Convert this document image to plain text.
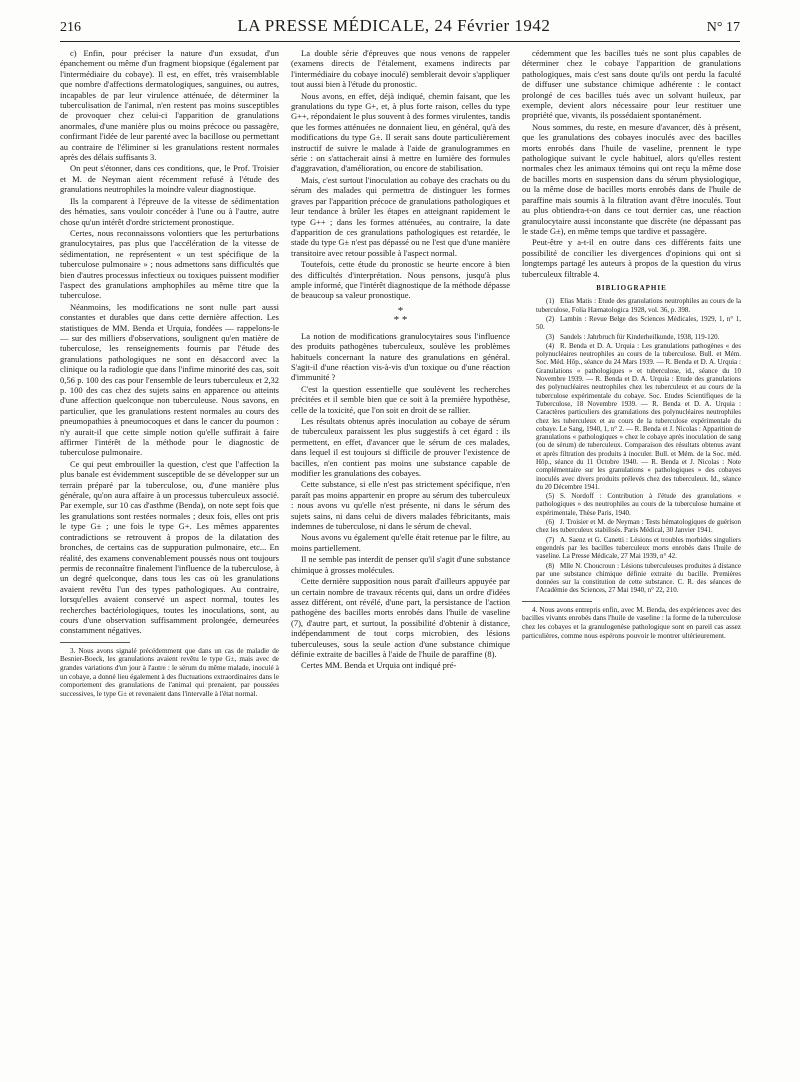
216	LA PRESSE MÉDICALE, 24 Février 1942	N° 17

c) Enfin, pour préciser la nature d'un exsudat, d'un épanchement ou même d'un fragment biopsique (également par l'intermédiaire du cobaye). Il est, en effet, très vraisemblable que nombre d'affections dermatologiques, sanguines, ou autres, incapables de par leur virulence atténuée, de déterminer la tuberculisation de l'animal, n'en restent pas moins susceptibles de provoquer chez celui-ci l'apparition de granulations anormales, d'une manière plus ou moins précoce ou passagère, confirmant l'idée de leur parenté avec la bacillose ou permettant au contraire de l'éliminer si les granulations restent normales après des délais suffisants 3.

On peut s'étonner, dans ces conditions, que, le Prof. Troisier et M. de Neyman aient récemment refusé à l'étude des granulations neutrophiles la moindre valeur diagnostique.

Ils la comparent à l'épreuve de la vitesse de sédimentation des hématies, sans vouloir concéder à l'une ou à l'autre, autre chose qu'un intérêt d'ordre strictement pronostique.

Certes, nous reconnaissons volontiers que les perturbations granulocytaires, pas plus que l'accélération de la vitesse de sédimentation, ne représentent « un test spécifique de la tuberculose pulmonaire » ; nous admettons sans difficultés que bien d'autres processus infectieux ou toxiques puissent modifier l'aspect des granulations amphophiles au même titre que la tuberculose.

Néanmoins, les modifications ne sont nulle part aussi constantes et durables que dans cette dernière affection. Les statistiques de MM. Benda et Urquia, fondées — rappelons-le — sur des milliers d'observations, soulignent qu'en matière de tuberculose, les renseignements fournis par l'étude des granulations pathologiques ne sont en désaccord avec la clinique ou la radiologie que dans l'infime minorité des cas, soit 0,56 p. 100 des cas pour l'ensemble de leurs tuberculeux et 2,32 p. 100 des cas chez des sujets sains en apparence ou atteints d'une affection quelconque non tuberculeuse. Nous savons, en particulier, que les granulations restent normales au cours des pneumopathies à pneumocoques et dans le cancer du poumon : n'y aurait-il que cette simple notion qu'elle suffirait à faire affirmer l'intérêt de la méthode pour le diagnostic de tuberculose pulmonaire.

Ce qui peut embrouiller la question, c'est que l'affection la plus banale est évidemment susceptible de se développer sur un terrain préparé par la tuberculose, ou, d'une manière plus générale, qu'on aura affaire à un processus tuberculeux associé. Par exemple, sur 10 cas d'asthme (Benda), on note sept fois que les granulations sont restées normales ; deux fois, elles ont pris le type G± ; une fois le type G+. Les mêmes apparentes contradictions se retrouvent à propos de la dilatation des bronches, de certains cas de suppuration pulmonaire, etc... En réalité, des examens convenablement poussés nous ont toujours permis de reconnaître finalement l'influence de la tuberculose, à un degré quelconque, dans tous les cas où les granulations avaient revêtu l'un des types pathologiques. Au contraire, lorsqu'elles avaient conservé un aspect normal, toutes les recherches bactériologiques, toutes les inoculations, sont, au cours d'une observation suffisamment prolongée, demeurées constamment négatives.

3. Nous avons signalé précédemment que dans un cas de maladie de Besnier-Boeck, les granulations avaient revêtu le type G±, mais avec de grandes variations d'un jour à l'autre : le sérum du même malade, inoculé à un cobaye, a donné lieu également à des fluctuations extraordinaires dans le comportement des granulations de l'animal qui prenaient, par poussées successives, le type G± et revenaient dans l'intervalle à l'état normal.

La double série d'épreuves que nous venons de rappeler (examens directs de l'étalement, examens indirects par l'intermédiaire du cobaye inoculé) semblerait devoir s'appliquer tout aussi bien à l'étude du pronostic.

Nous avons, en effet, déjà indiqué, chemin faisant, que les granulations du type G+, et, à plus forte raison, celles du type G++, répondaient le plus souvent à des formes virulentes, tandis que les formes atténuées ne donnaient lieu, en général, qu'à des modifications du type G±. Il serait sans doute particulièrement instructif de suivre le malade à l'aide de granulogrammes en série : on s'attacherait ainsi à mettre en lumière des formules d'aggravation, d'amélioration, ou encore de stabilisation.

Mais, c'est surtout l'inoculation au cobaye des crachats ou du sérum des malades qui permettra de distinguer les formes graves par l'apparition précoce de granulations pathologiques et leur tendance à brûler les étapes en atteignant rapidement le type G++ ; dans les formes atténuées, au contraire, la date d'apparition de ces granulations pathologiques est retardée, le stade du type G± n'est pas dépassé ou ne l'est que d'une manière transitoire avec retour possible à l'aspect normal.

Toutefois, cette étude du pronostic se heurte encore à bien des difficultés d'interprétation. Nous pensons, jusqu'à plus ample informé, que l'intérêt diagnostique de la méthode dépasse de beaucoup sa valeur pronostique.

*
* *

La notion de modifications granulocytaires sous l'influence des produits pathogènes tuberculeux, soulève les problèmes habituels concernant la nature des granulations en général. S'agit-il d'une réaction vis-à-vis d'un toxique ou d'une réaction d'immunité ?

C'est la question essentielle que soulèvent les recherches précitées et il semble bien que ce soit à la première hypothèse, celle de la toxicité, que l'on soit en droit de se rallier.

Les résultats obtenus après inoculation au cobaye de sérum de tuberculeux paraissent les plus suggestifs à cet égard : ils permettent, en effet, d'avancer que le sérum de ces malades, dans lequel il est toujours si difficile de prouver l'existence de bacilles, n'en contient pas moins une substance capable de modifier les granulations des cobayes.

Cette substance, si elle n'est pas strictement spécifique, n'en paraît pas moins appartenir en propre au sérum des tuberculeux : nous avons vu qu'elle n'est présente, ni dans le sérum des sujets sains, ni dans celui de divers malades fébricitants, mais indemnes de tuberculose, ni dans le sérum de cheval.

Nous avons vu également qu'elle était retenue par le filtre, au moins partiellement.

Il ne semble pas interdit de penser qu'il s'agit d'une substance chimique à grosses molécules.

Cette dernière supposition nous paraît d'ailleurs appuyée par un certain nombre de travaux récents qui, dans un ordre d'idées assez différent, ont révélé, d'une part, la persistance de l'action pathogène des bacilles morts enrobés dans l'huile de vaseline (7), d'autre part, et surtout, la possibilité d'obtenir à distance, indépendamment de tout corps microbien, des lésions tuberculeuses, sous la seule action d'une substance chimique définie extraite de bacilles à l'aide de l'huile de paraffine (8).

Certes MM. Benda et Urquia ont indiqué pré-

cédemment que les bacilles tués ne sont plus capables de déterminer chez le cobaye l'apparition de granulations pathologiques, mais c'est sans doute qu'ils ont perdu la faculté de diffuser une substance chimique adhérente : le contact prolongé de ces bacilles tués avec un solvant huileux, par exemple, devient alors nécessaire pour leur restituer une propriété que, vivants, ils possédaient spontanément.

Nous sommes, du reste, en mesure d'avancer, dès à présent, que les granulations des cobayes inoculés avec des bacilles morts enrobés dans l'huile de vaseline, prennent le type pathologique suivant le cycle habituel, alors qu'elles restent normales chez les animaux témoins qui ont reçu la même dose de bacilles morts en suspension dans du sérum physiologique, ou la même dose de bacilles morts enrobés dans de l'huile de paraffine mais soumis à la filtration avant d'être inoculés. Tout au plus obtiendra-t-on dans ce tout dernier cas, une réaction granulocytaire aussi inconstante que discrète (ne dépassant pas le stade G±), en même temps que tardive et passagère.

Peut-être y a-t-il en outre dans ces différents faits une possibilité de concilier les divergences d'opinions qui ont si longtemps partagé les auteurs à propos de la question du virus tuberculeux filtrable 4.

BIBLIOGRAPHIE

(1) Elias Matis : Etude des granulations neutrophiles au cours de la tuberculose, Folia Hæmatologica 1928, vol. 36, p. 398.

(2) Lambin : Revue Belge des Sciences Médicales, 1929, 1, n° 1, 50.

(3) Sandels : Jahrbruch für Kinderheilkunde, 1938, 119-120.

(4) R. Benda et D. A. Urquia : Les granulations pathogènes « des polynucléaires neutrophiles au cours de la tuberculose. Bull. et Mém. Soc. Méd. Hôp., séance du 24 Mars 1939. — R. Benda et D. A. Urquia : Granulations « pathologiques » et tuberculose, id., séance du 10 Novembre 1939. — R. Benda et D. A. Urquia : Etude des granulations des polynucléaires neutrophiles chez les tuberculeux et au cours de la tuberculose expérimentale du cobaye. Soc. Etudes Scientifiques de la Tuberculose, 18 Novembre 1939. — R. Benda et D. A. Urquia : Caractères particuliers des granulations des polynucléaires neutrophiles chez les tuberculeux et au cours de la tuberculose expérimentale du cobaye. Le Sang, 1940, 1, n° 2. — R. Benda et J. Nicolas : Apparition de granulations « pathologiques » chez le cobaye après inoculation de sang (ou de sérum) de tuberculeux. Comparaison des résultats obtenus avant et après filtration des produits à inoculer. Bull. et Mém. de la Soc. méd. Hôp., séance du 11 Octobre 1940. — R. Benda et J. Nicolas : Note complémentaire sur les granulations « pathologiques » des cobayes inoculés avec divers produits prélevés chez des tuberculeux. Id., séance du 20 Décembre 1941.

(5) S. Nordoff : Contribution à l'étude des granulations « pathologiques » des neutrophiles au cours de la tuberculose humaine et expérimentale, Thèse Paris, 1940.

(6) J. Troisier et M. de Neyman : Tests hématologiques de guérison chez les tuberculeux stabilisés. Paris Médical, 30 Janvier 1941.

(7) A. Saenz et G. Canetti : Lésions et troubles morbides singuliers engendrés par les bacilles tuberculeux morts enrobés dans l'huile de vaseline. La Presse Médicale, 27 Mai 1939, n° 42.

(8) Mlle N. Choucroun : Lésions tuberculeuses produites à distance par une substance chimique définie extraite du bacille. Premières données sur la constitution de cette substance. C. R. des séances de l'Académie des Sciences, 27 Mai 1940, n° 22, 210.

4. Nous avons entrepris enfin, avec M. Benda, des expériences avec des bacilles vivants enrobés dans l'huile de vaseline : la forme de la tuberculose chez les cobayes et la granulogenèse pathologique sont en pareil cas assez particulières, comme nous espérons pouvoir le montrer ultérieurement.
